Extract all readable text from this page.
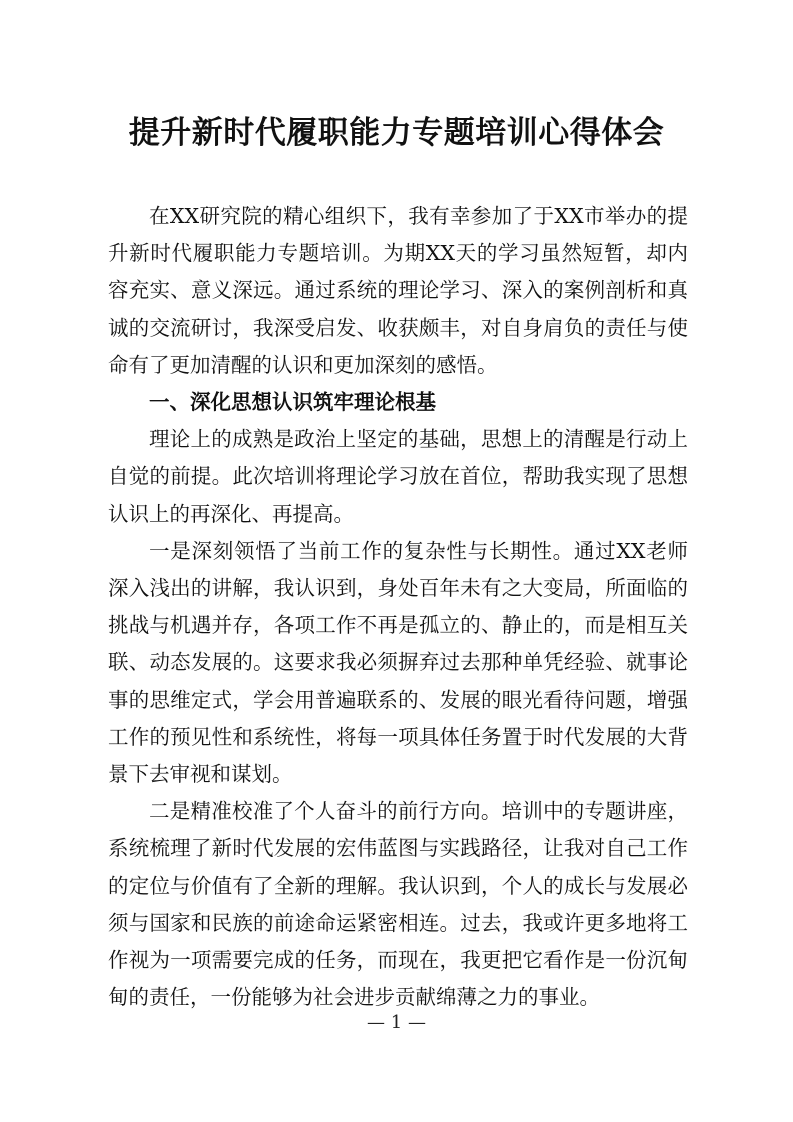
提升新时代履职能力专题培训心得体会

在XX研究院的精心组织下，我有幸参加了于XX市举办的提升新时代履职能力专题培训。为期XX天的学习虽然短暂，却内容充实、意义深远。通过系统的理论学习、深入的案例剖析和真诚的交流研讨，我深受启发、收获颇丰，对自身肩负的责任与使命有了更加清醒的认识和更加深刻的感悟。

一、深化思想认识筑牢理论根基

理论上的成熟是政治上坚定的基础，思想上的清醒是行动上自觉的前提。此次培训将理论学习放在首位，帮助我实现了思想认识上的再深化、再提高。

一是深刻领悟了当前工作的复杂性与长期性。通过XX老师深入浅出的讲解，我认识到，身处百年未有之大变局，所面临的挑战与机遇并存，各项工作不再是孤立的、静止的，而是相互关联、动态发展的。这要求我必须摒弃过去那种单凭经验、就事论事的思维定式，学会用普遍联系的、发展的眼光看待问题，增强工作的预见性和系统性，将每一项具体任务置于时代发展的大背景下去审视和谋划。

二是精准校准了个人奋斗的前行方向。培训中的专题讲座，系统梳理了新时代发展的宏伟蓝图与实践路径，让我对自己工作的定位与价值有了全新的理解。我认识到，个人的成长与发展必须与国家和民族的前途命运紧密相连。过去，我或许更多地将工作视为一项需要完成的任务，而现在，我更把它看作是一份沉甸甸的责任，一份能够为社会进步贡献绵薄之力的事业。

— 1 —
